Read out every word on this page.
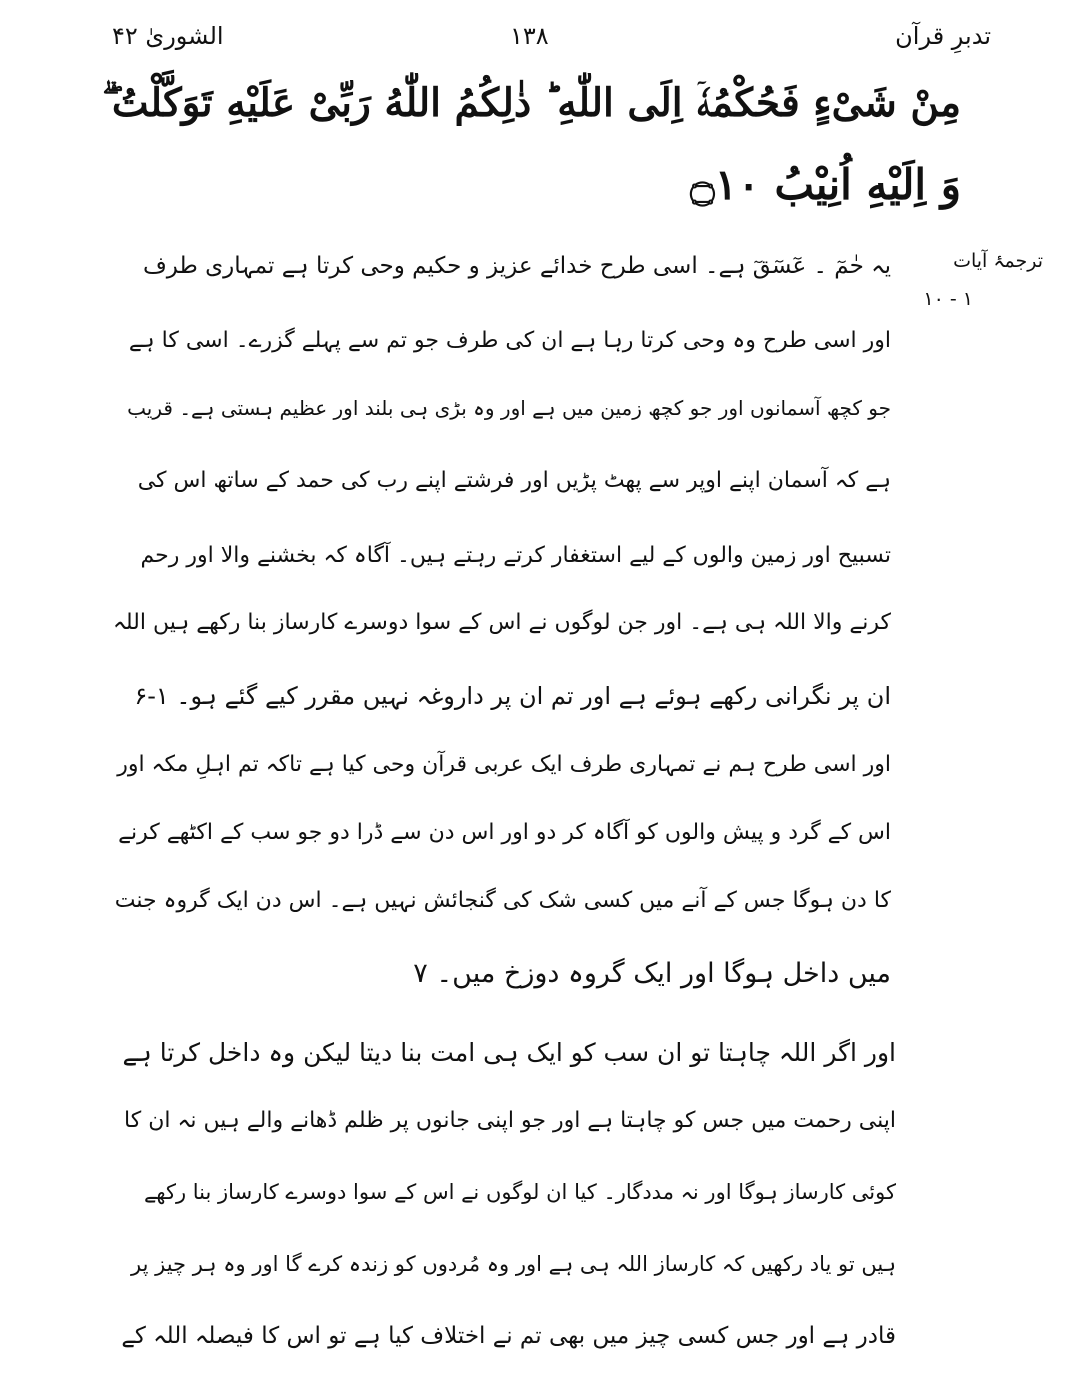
تدبرِ قرآن
۱۳۸
الشوریٰ ۴۲
مِنْ شَیْءٍ فَحُكْمُهٗۤ اِلَى اللّٰهِ ؕ ذٰلِكُمُ اللّٰهُ رَبِّیْ عَلَیْهِ تَوَكَّلْتُ ۖۗ
وَ اِلَیْهِ اُنِیْبُ ۝۱۰
ترجمۂ آیات
۱ - ۱۰
یہ حٰمٓ ۔ عٓسٓقٓ ہے۔ اسی طرح خدائے عزیز و حکیم وحی کرتا ہے تمہاری طرف
اور اسی طرح وہ وحی کرتا رہا ہے ان کی طرف جو تم سے پہلے گزرے۔ اسی کا ہے
جو کچھ آسمانوں اور جو کچھ زمین میں ہے اور وہ بڑی ہی بلند اور عظیم ہستی ہے۔ قریب
ہے کہ آسمان اپنے اوپر سے پھٹ پڑیں اور فرشتے اپنے رب کی حمد کے ساتھ اس کی
تسبیح اور زمین والوں کے لیے استغفار کرتے رہتے ہیں۔ آگاہ کہ بخشنے والا اور رحم
کرنے والا اللہ ہی ہے۔ اور جن لوگوں نے اس کے سوا دوسرے کارساز بنا رکھے ہیں اللہ
ان پر نگرانی رکھے ہوئے ہے اور تم ان پر داروغہ نہیں مقرر کیے گئے ہو۔ ۱-۶
اور اسی طرح ہم نے تمہاری طرف ایک عربی قرآن وحی کیا ہے تاکہ تم اہلِ مکہ اور
اس کے گرد و پیش والوں کو آگاہ کر دو اور اس دن سے ڈرا دو جو سب کے اکٹھے کرنے
کا دن ہوگا جس کے آنے میں کسی شک کی گنجائش نہیں ہے۔ اس دن ایک گروہ جنت
میں داخل ہوگا اور ایک گروہ دوزخ میں۔ ۷
اور اگر اللہ چاہتا تو ان سب کو ایک ہی امت بنا دیتا لیکن وہ داخل کرتا ہے
اپنی رحمت میں جس کو چاہتا ہے اور جو اپنی جانوں پر ظلم ڈھانے والے ہیں نہ ان کا
کوئی کارساز ہوگا اور نہ مددگار۔ کیا ان لوگوں نے اس کے سوا دوسرے کارساز بنا رکھے
ہیں تو یاد رکھیں کہ کارساز اللہ ہی ہے اور وہ مُردوں کو زندہ کرے گا اور وہ ہر چیز پر
قادر ہے اور جس کسی چیز میں بھی تم نے اختلاف کیا ہے تو اس کا فیصلہ اللہ کے
